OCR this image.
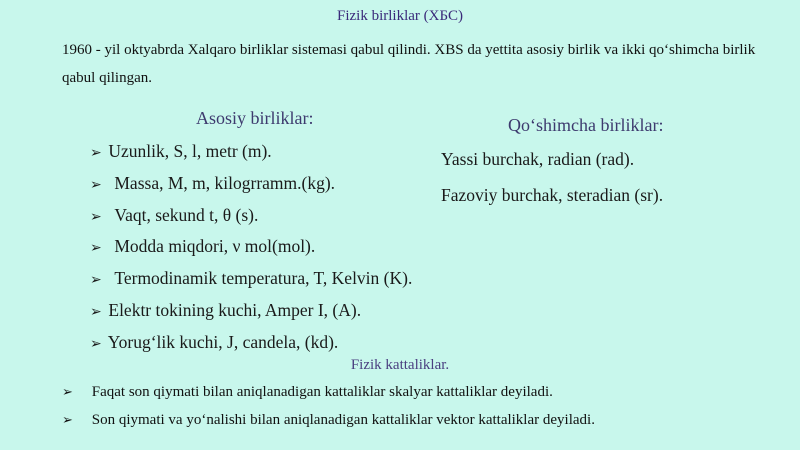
Fizik birliklar (XБС)
1960 - yil oktyabrda Xalqaro birliklar sistemasi qabul qilindi. XBS da yettita asosiy birlik va ikki qo‘shimcha birlik qabul qilingan.
Asosiy birliklar:
➢ Uzunlik, S, l, metr (m).
➢ Massa, M, m, kilogrramm.(kg).
➢ Vaqt, sekund t, θ (s).
➢ Modda miqdori, ν mol(mol).
➢ Termodinamik temperatura, T, Kelvin (K).
➢ Elektr tokining kuchi, Amper I, (A).
➢ Yorug‘lik kuchi, J, candela, (kd).
Qo‘shimcha birliklar:
Yassi burchak, radian (rad).
Fazoviy burchak, steradian (sr).
Fizik kattaliklar.
➢ Faqat son qiymati bilan aniqlanadigan kattaliklar skalyar kattaliklar deyiladi.
➢ Son qiymati va yo‘nalishi bilan aniqlanadigan kattaliklar vektor kattaliklar deyiladi.
